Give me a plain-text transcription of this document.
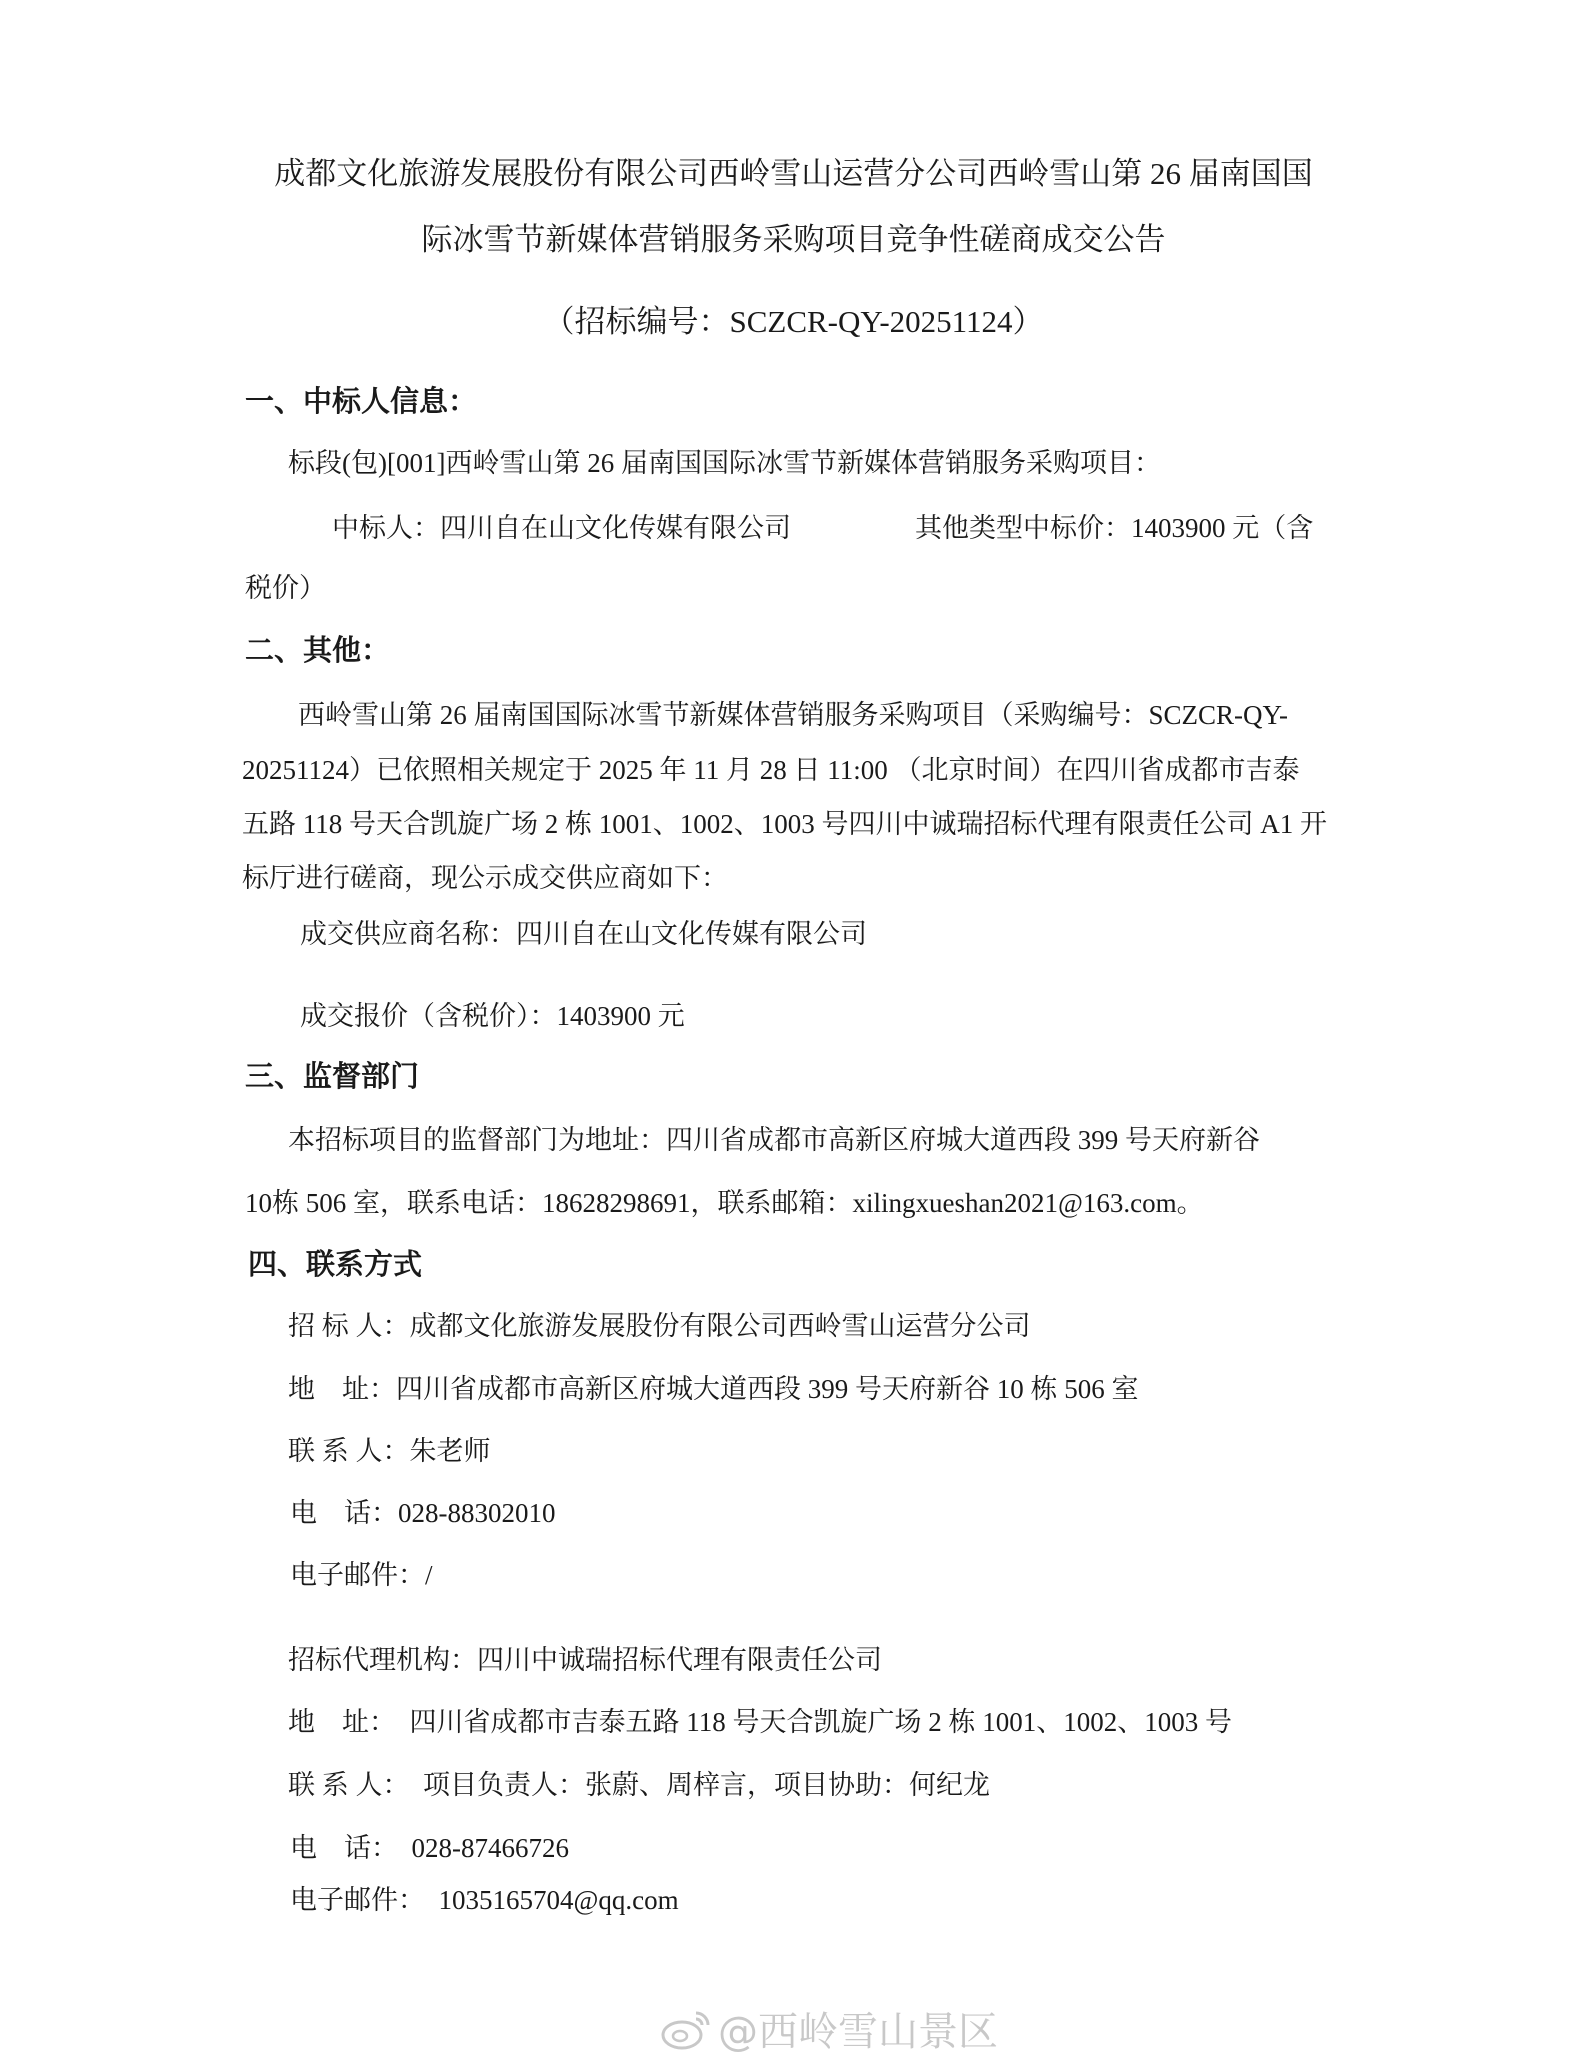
成都文化旅游发展股份有限公司西岭雪山运营分公司西岭雪山第 26 届南国国
际冰雪节新媒体营销服务采购项目竞争性磋商成交公告
（招标编号：SCZCR-QY-20251124）
一、中标人信息：
标段(包)[001]西岭雪山第 26 届南国国际冰雪节新媒体营销服务采购项目：
中标人：四川自在山文化传媒有限公司	其他类型中标价：1403900 元（含
税价）
二、其他：
西岭雪山第 26 届南国国际冰雪节新媒体营销服务采购项目（采购编号：SCZCR-QY-
20251124）已依照相关规定于 2025 年 11 月 28 日 11:00 （北京时间）在四川省成都市吉泰
五路 118 号天合凯旋广场 2 栋 1001、1002、1003 号四川中诚瑞招标代理有限责任公司 A1 开
标厅进行磋商，现公示成交供应商如下：
成交供应商名称：四川自在山文化传媒有限公司
成交报价（含税价）：1403900 元
三、监督部门
本招标项目的监督部门为地址：四川省成都市高新区府城大道西段 399 号天府新谷
10栋 506 室，联系电话：18628298691，联系邮箱：xilingxueshan2021@163.com。
四、联系方式
招 标 人：成都文化旅游发展股份有限公司西岭雪山运营分公司
地    址：四川省成都市高新区府城大道西段 399 号天府新谷 10 栋 506 室
联 系 人：朱老师
电    话：028-88302010
电子邮件：/
招标代理机构：四川中诚瑞招标代理有限责任公司
地    址：  四川省成都市吉泰五路 118 号天合凯旋广场 2 栋 1001、1002、1003 号
联 系 人：  项目负责人：张蔚、周梓言，项目协助：何纪龙
电    话：  028-87466726
电子邮件：  1035165704@qq.com
@西岭雪山景区
